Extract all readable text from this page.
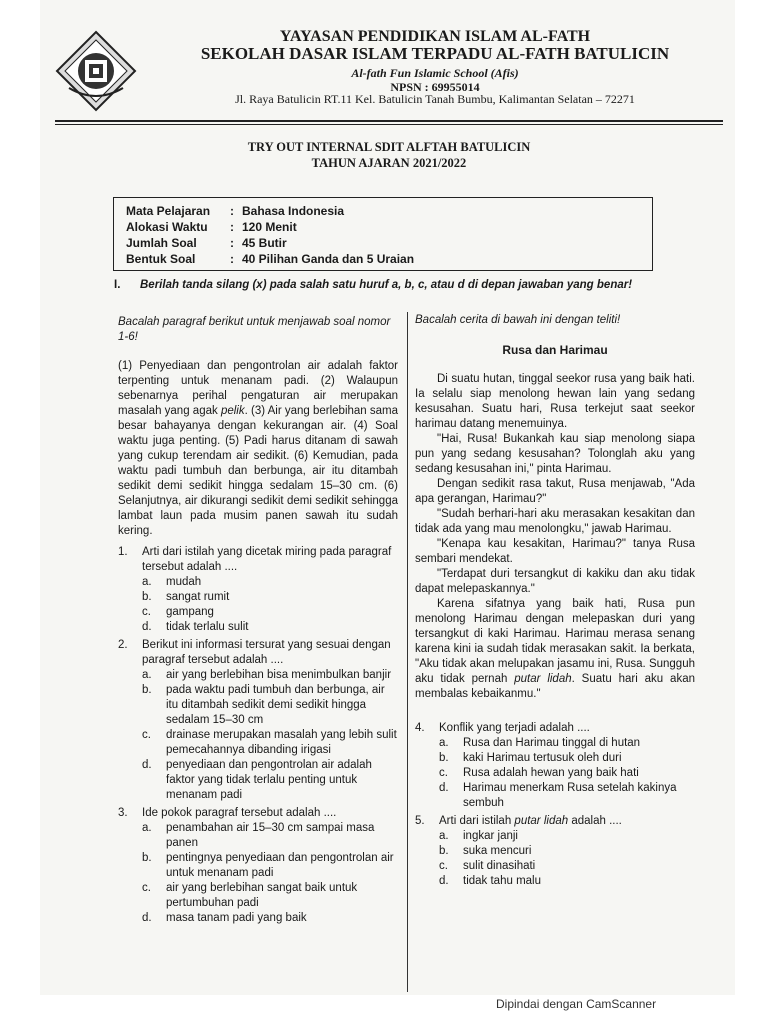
YAYASAN PENDIDIKAN ISLAM AL-FATH
SEKOLAH DASAR ISLAM TERPADU AL-FATH BATULICIN
Al-fath Fun Islamic School (Afis)
NPSN : 69955014
Jl. Raya Batulicin RT.11 Kel. Batulicin Tanah Bumbu, Kalimantan Selatan – 72271
TRY OUT INTERNAL SDIT ALFTAH BATULICIN
TAHUN AJARAN 2021/2022
Mata Pelajaran	: Bahasa Indonesia
Alokasi Waktu	: 120 Menit
Jumlah Soal	: 45 Butir
Bentuk Soal	: 40 Pilihan Ganda dan 5 Uraian
I. Berilah tanda silang (x) pada salah satu huruf a, b, c, atau d di depan jawaban yang benar!
Bacalah paragraf berikut untuk menjawab soal nomor 1-6!
(1) Penyediaan dan pengontrolan air adalah faktor terpenting untuk menanam padi. (2) Walaupun sebenarnya perihal pengaturan air merupakan masalah yang agak pelik. (3) Air yang berlebihan sama besar bahayanya dengan kekurangan air. (4) Soal waktu juga penting. (5) Padi harus ditanam di sawah yang cukup terendam air sedikit. (6) Kemudian, pada waktu padi tumbuh dan berbunga, air itu ditambah sedikit demi sedikit hingga sedalam 15–30 cm. (6) Selanjutnya, air dikurangi sedikit demi sedikit sehingga lambat laun pada musim panen sawah itu sudah kering.
1.	Arti dari istilah yang dicetak miring pada paragraf tersebut adalah ....
a.	mudah
b.	sangat rumit
c.	gampang
d.	tidak terlalu sulit
2.	Berikut ini informasi tersurat yang sesuai dengan paragraf tersebut adalah ....
a.	air yang berlebihan bisa menimbulkan banjir
b.	pada waktu padi tumbuh dan berbunga, air itu ditambah sedikit demi sedikit hingga sedalam 15–30 cm
c.	drainase merupakan masalah yang lebih sulit pemecahannya dibanding irigasi
d.	penyediaan dan pengontrolan air adalah faktor yang tidak terlalu penting untuk menanam padi
3.	Ide pokok paragraf tersebut adalah ....
a.	penambahan air 15–30 cm sampai masa panen
b.	pentingnya penyediaan dan pengontrolan air untuk menanam padi
c.	air yang berlebihan sangat baik untuk pertumbuhan padi
d.	masa tanam padi yang baik
Bacalah cerita di bawah ini dengan teliti!
Rusa dan Harimau

Di suatu hutan, tinggal seekor rusa yang baik hati. Ia selalu siap menolong hewan lain yang sedang kesusahan. Suatu hari, Rusa terkejut saat seekor harimau datang menemuinya.

"Hai, Rusa! Bukankah kau siap menolong siapa pun yang sedang kesusahan? Tolonglah aku yang sedang kesusahan ini," pinta Harimau.

Dengan sedikit rasa takut, Rusa menjawab, "Ada apa gerangan, Harimau?"

"Sudah berhari-hari aku merasakan kesakitan dan tidak ada yang mau menolongku," jawab Harimau.

"Kenapa kau kesakitan, Harimau?" tanya Rusa sembari mendekat.

"Terdapat duri tersangkut di kakiku dan aku tidak dapat melepaskannya."

Karena sifatnya yang baik hati, Rusa pun menolong Harimau dengan melepaskan duri yang tersangkut di kaki Harimau. Harimau merasa senang karena kini ia sudah tidak merasakan sakit. Ia berkata, "Aku tidak akan melupakan jasamu ini, Rusa. Sungguh aku tidak pernah putar lidah. Suatu hari aku akan membalas kebaikanmu."

4.	Konflik yang terjadi adalah ....
a.	Rusa dan Harimau tinggal di hutan
b.	kaki Harimau tertusuk oleh duri
c.	Rusa adalah hewan yang baik hati
d.	Harimau menerkam Rusa setelah kakinya sembuh
5.	Arti dari istilah putar lidah adalah ....
a.	ingkar janji
b.	suka mencuri
c.	sulit dinasihati
d.	tidak tahu malu
Dipindai dengan CamScanner
